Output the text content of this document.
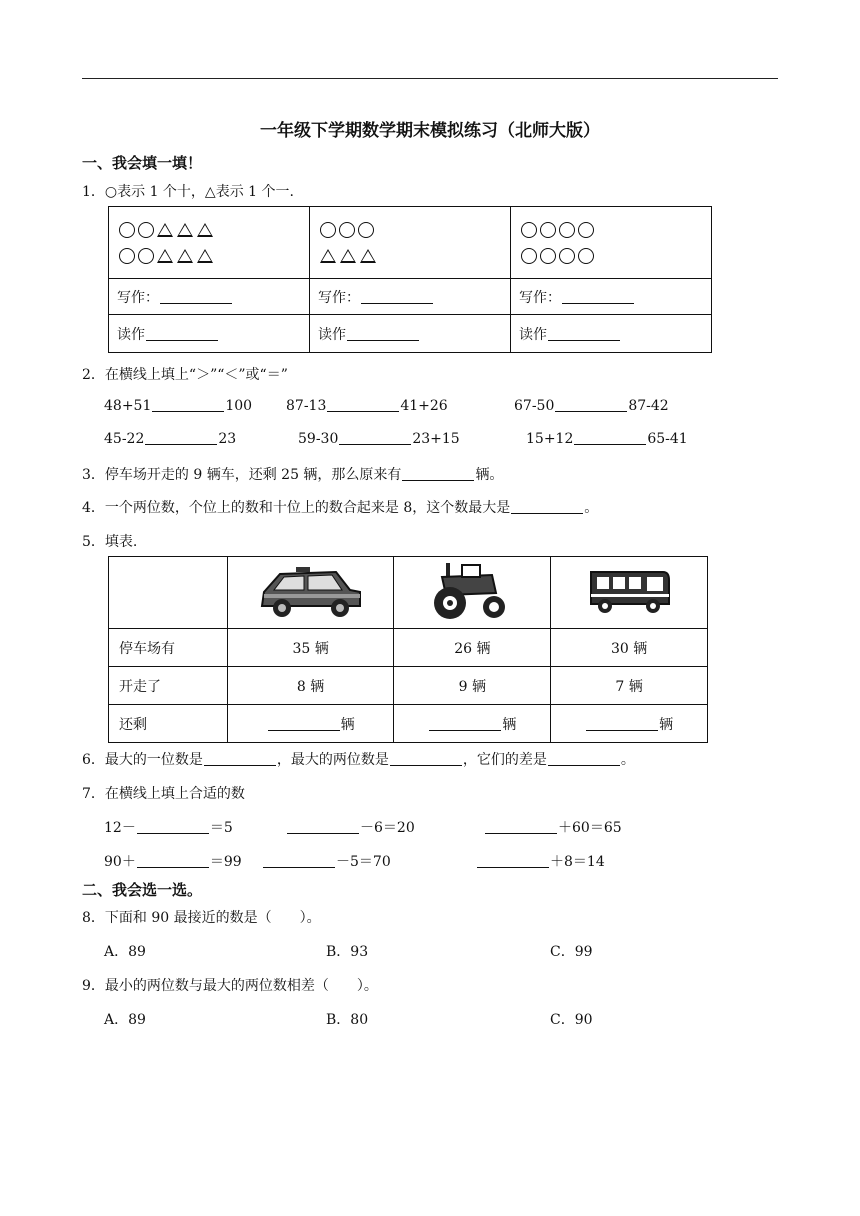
一年级下学期数学期末模拟练习（北师大版）
一、我会填一填！
1．○表示 1 个十，△表示 1 个一.

写作：	写作：	写作：
读作	读作	读作
2．在横线上填上“＞”“＜”或“＝”
48+51	100 87-13	41+26	67-50	87-42
45-22	23	59-30	23+15	15+12	65-41
3．停车场开走的 9 辆车，还剩 25 辆，那么原来有	辆。
4．一个两位数，个位上的数和十位上的数合起来是 8，这个数最大是	。
5．填表.

停车场有	35 辆	26 辆	30 辆
开走了	8 辆	9 辆	7 辆
还剩	辆	辆	辆
6．最大的一位数是	，最大的两位数是	，它们的差是	。
7．在横线上填上合适的数
12－	＝5	－6＝20	＋60＝65
90＋	＝99	－5＝70	＋8＝14
二、我会选一选。
8．下面和 90 最接近的数是（　　）。
A．89	B．93	C．99
9．最小的两位数与最大的两位数相差（　　）。
A．89	B．80	C．90
